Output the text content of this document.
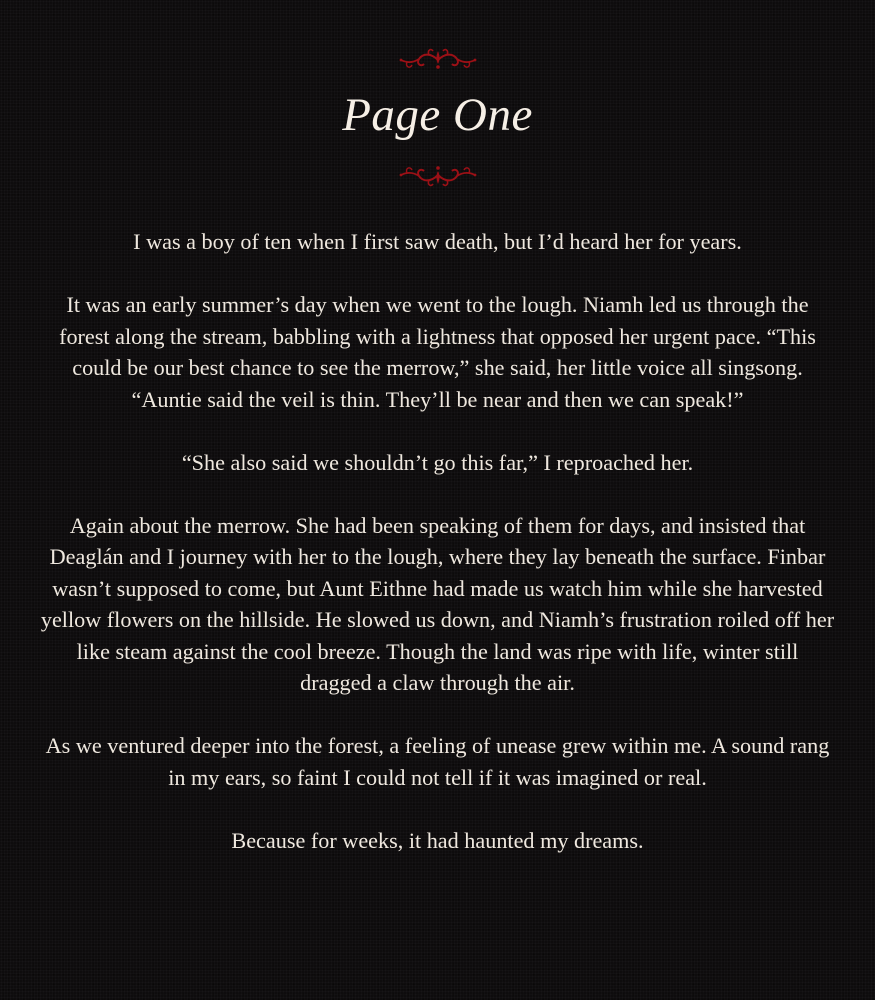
Page One

I was a boy of ten when I first saw death, but I’d heard her for years.

It was an early summer’s day when we went to the lough. Niamh led us through the forest along the stream, babbling with a lightness that opposed her urgent pace. “This could be our best chance to see the merrow,” she said, her little voice all singsong. “Auntie said the veil is thin. They’ll be near and then we can speak!”

“She also said we shouldn’t go this far,” I reproached her.

Again about the merrow. She had been speaking of them for days, and insisted that Deaglán and I journey with her to the lough, where they lay beneath the surface. Finbar wasn’t supposed to come, but Aunt Eithne had made us watch him while she harvested yellow flowers on the hillside. He slowed us down, and Niamh’s frustration roiled off her like steam against the cool breeze. Though the land was ripe with life, winter still dragged a claw through the air.

As we ventured deeper into the forest, a feeling of unease grew within me. A sound rang in my ears, so faint I could not tell if it was imagined or real.

Because for weeks, it had haunted my dreams.
